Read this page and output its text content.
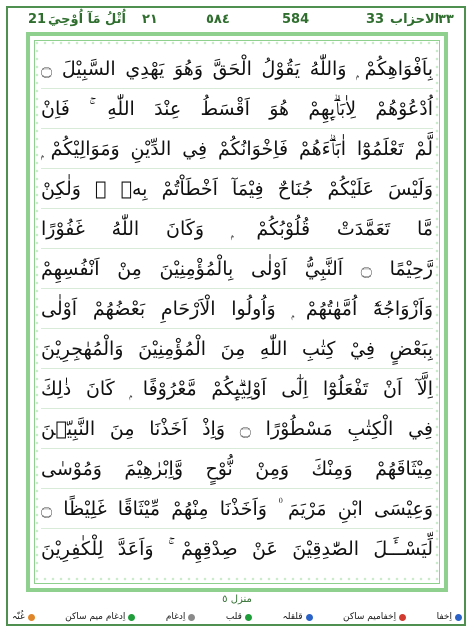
21 اُتْلُ مَآ اُوْحِيَ ٢١	٥٨٤	584	33 الاحزاب
٣٣
بِاَفْوَاهِكُمْ ۭ وَاللّٰهُ يَقُوْلُ الْحَقَّ وَهُوَ يَهْدِي السَّبِيْلَ ۝
اُدْعُوْهُمْ لِاٰبَاۗىِٕهِمْ هُوَ اَقْسَطُ عِنْدَ اللّٰهِ ۚ فَاِنْ
لَّمْ تَعْلَمُوْٓا اٰبَاۗءَهُمْ فَاِخْوَانُكُمْ فِي الدِّيْنِ وَمَوَالِيْكُمْ ۭ
وَلَيْسَ عَلَيْكُمْ جُنَاحٌ فِيْمَآ اَخْطَاْتُمْ بِهٖ ۙ وَلٰكِنْ
مَّا تَعَمَّدَتْ قُلُوْبُكُمْ ۭ وَكَانَ اللّٰهُ غَفُوْرًا
رَّحِيْمًا ۝ اَلنَّبِيُّ اَوْلٰى بِالْمُؤْمِنِيْنَ مِنْ اَنْفُسِهِمْ
وَاَزْوَاجُهٗٓ اُمَّهٰتُهُمْ ۭ وَاُولُوا الْاَرْحَامِ بَعْضُهُمْ اَوْلٰى
بِبَعْضٍ فِيْ كِتٰبِ اللّٰهِ مِنَ الْمُؤْمِنِيْنَ وَالْمُهٰجِرِيْنَ
اِلَّآ اَنْ تَفْعَلُوْٓا اِلٰٓى اَوْلِيٰۗىِٕكُمْ مَّعْرُوْفًا ۭ كَانَ ذٰلِكَ
فِي الْكِتٰبِ مَسْطُوْرًا ۝ وَاِذْ اَخَذْنَا مِنَ النَّبِيّٖنَ
مِيْثَاقَهُمْ وَمِنْكَ وَمِنْ نُّوْحٍ وَّاِبْرٰهِيْمَ وَمُوْسٰى
وَعِيْسَى ابْنِ مَرْيَمَ ۠ وَاَخَذْنَا مِنْهُمْ مِّيْثَاقًا غَلِيْظًا ۝
لِّيَسْــَٔـلَ الصّٰدِقِيْنَ عَنْ صِدْقِهِمْ ۚ وَاَعَدَّ لِلْكٰفِرِيْنَ
منزل ٥
اِخفا
اِخفامیم ساکن
قلقلہ
قلب
اِدغام
اِدغام میم ساکن
غُنّہ
